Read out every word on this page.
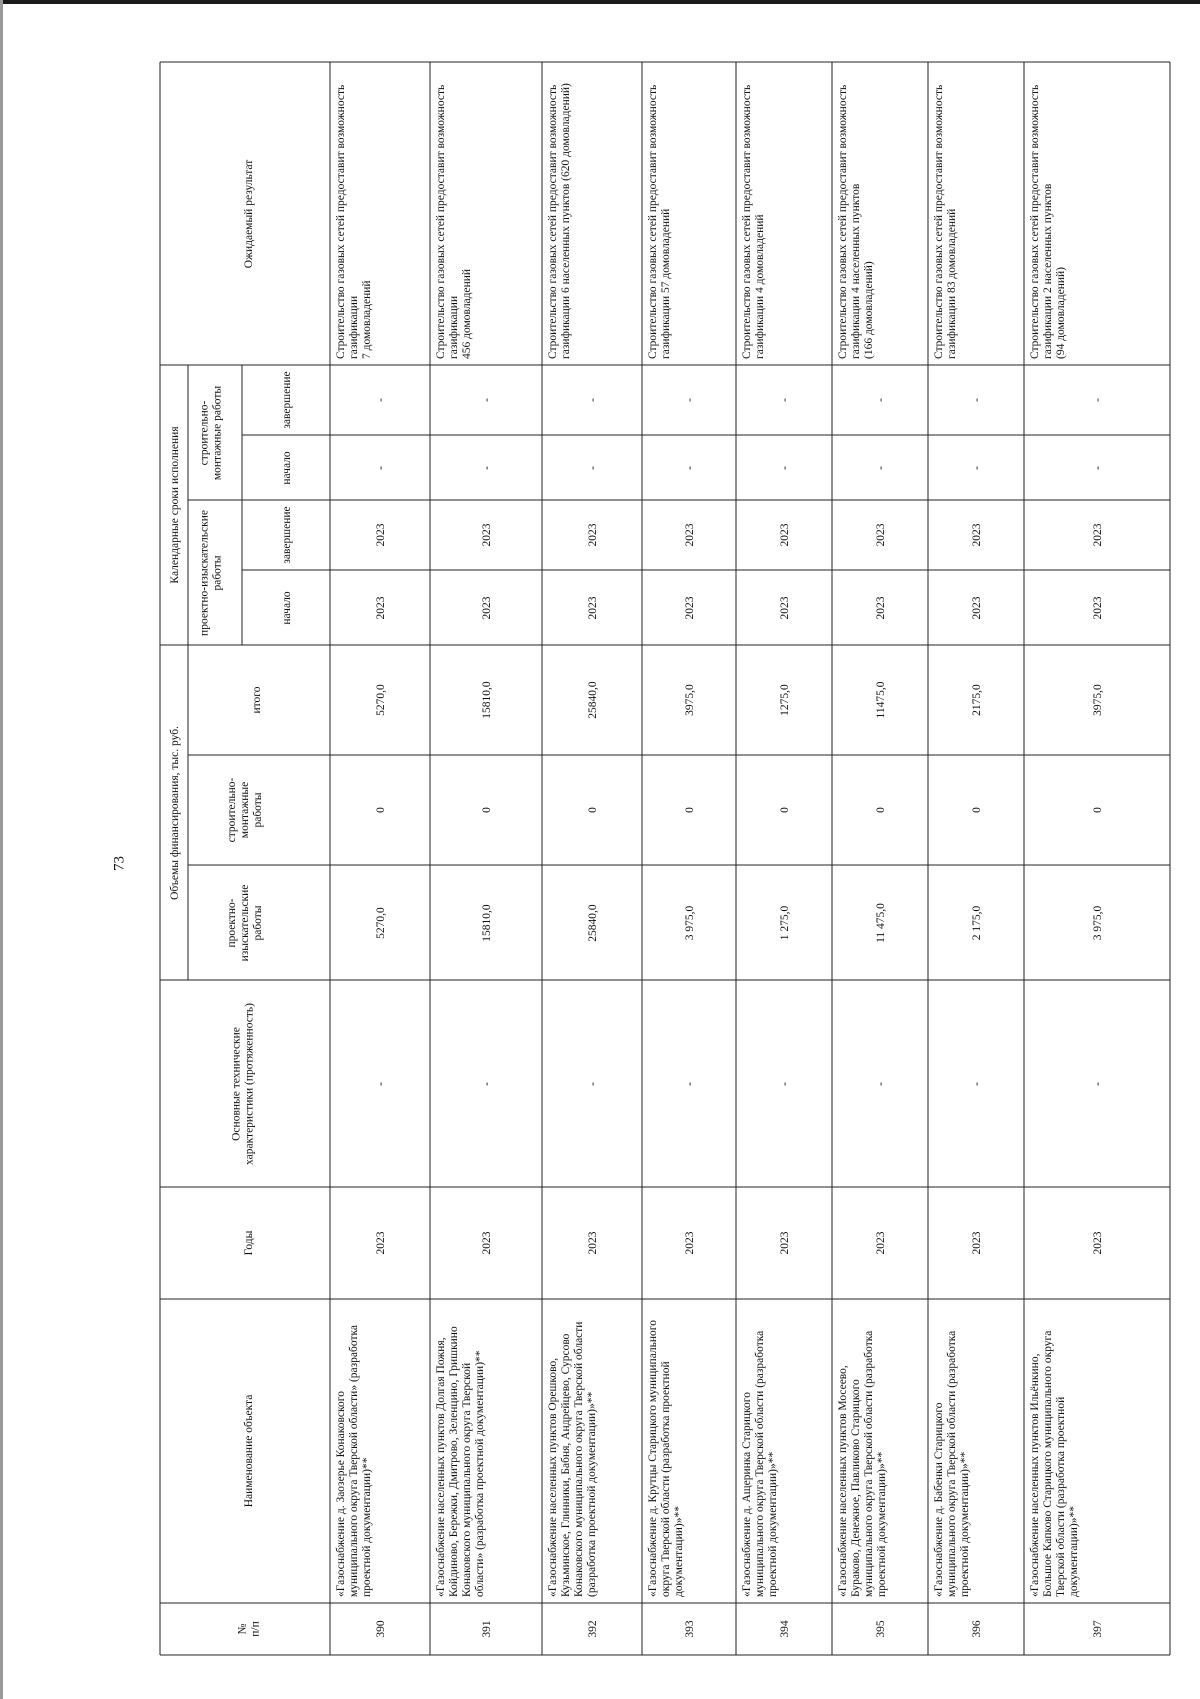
73
№п/п
Наименование объекта
Годы
Основные техническиехарактеристики (протяженность)
Объемы финансирования, тыс. руб.
проектно-изыскательскиеработы
строительно-монтажныеработы
итого
Календарные сроки исполнения проектно-изыскательскиеработы
строительно-монтажные работы
начало
завершение
начало
завершение
Ожидаемый результат
390
«Газоснабжение д. Заозерье Конаковскогомуниципального округа Тверской области» (разработкапроектной документации)**
2023
-
5270,0
0
5270,0
2023
2023
-
-
Строительство газовых сетей предоставит возможностьгазификации7 домовладений
391
«Газоснабжение населенных пунктов Долгая Пожня,Койдиново, Бережки, Дмитрово, Зеленцино, ГришкиноКонаковского муниципального округа Тверскойобласти» (разработка проектной документации)**
2023
-
15810,0
0
15810,0
2023
2023
-
-
Строительство газовых сетей предоставит возможностьгазификации456 домовладений
392
«Газоснабжение населенных пунктов Орешково,Кузьминское, Глинники, Бабня, Андрейцево, СурсовоКонаковского муниципального округа Тверской области(разработка проектной документации)»**
2023
-
25840,0
0
25840,0
2023
2023
-
-
Строительство газовых сетей предоставит возможностьгазификации 6 населенных пунктов (620 домовладений)
393
«Газоснабжение д. Крутцы Старицкого муниципальногоокруга Тверской области (разработка проектнойдокументации)»**
2023
-
3 975,0
0
3975,0
2023
2023
-
-
Строительство газовых сетей предоставит возможностьгазификации 57 домовладений
394
«Газоснабжение д. Ащеринка Старицкогомуниципального округа Тверской области (разработкапроектной документации)»**
2023
-
1 275,0
0
1275,0
2023
2023
-
-
Строительство газовых сетей предоставит возможностьгазификации 4 домовладений
395
«Газоснабжение населенных пунктов Мосеево,Бураково, Денежное, Павликово Старицкогомуниципального округа Тверской области (разработкапроектной документации)»**
2023
-
11 475,0
0
11475,0
2023
2023
-
-
Строительство газовых сетей предоставит возможностьгазификации 4 населенных пунктов(166 домовладений)
396
«Газоснабжение д. Бабенки Старицкогомуниципального округа Тверской области (разработкапроектной документации)»**
2023
-
2 175,0
0
2175,0
2023
2023
-
-
Строительство газовых сетей предоставит возможностьгазификации 83 домовладений
397
«Газоснабжение населенных пунктов Ильёнкино,Большое Капково Старицкого муниципального округаТверской области (разработка проектнойдокументации)»**
2023
-
3 975,0
0
3975,0
2023
2023
-
-
Строительство газовых сетей предоставит возможностьгазификации 2 населенных пунктов(94 домовладений)
